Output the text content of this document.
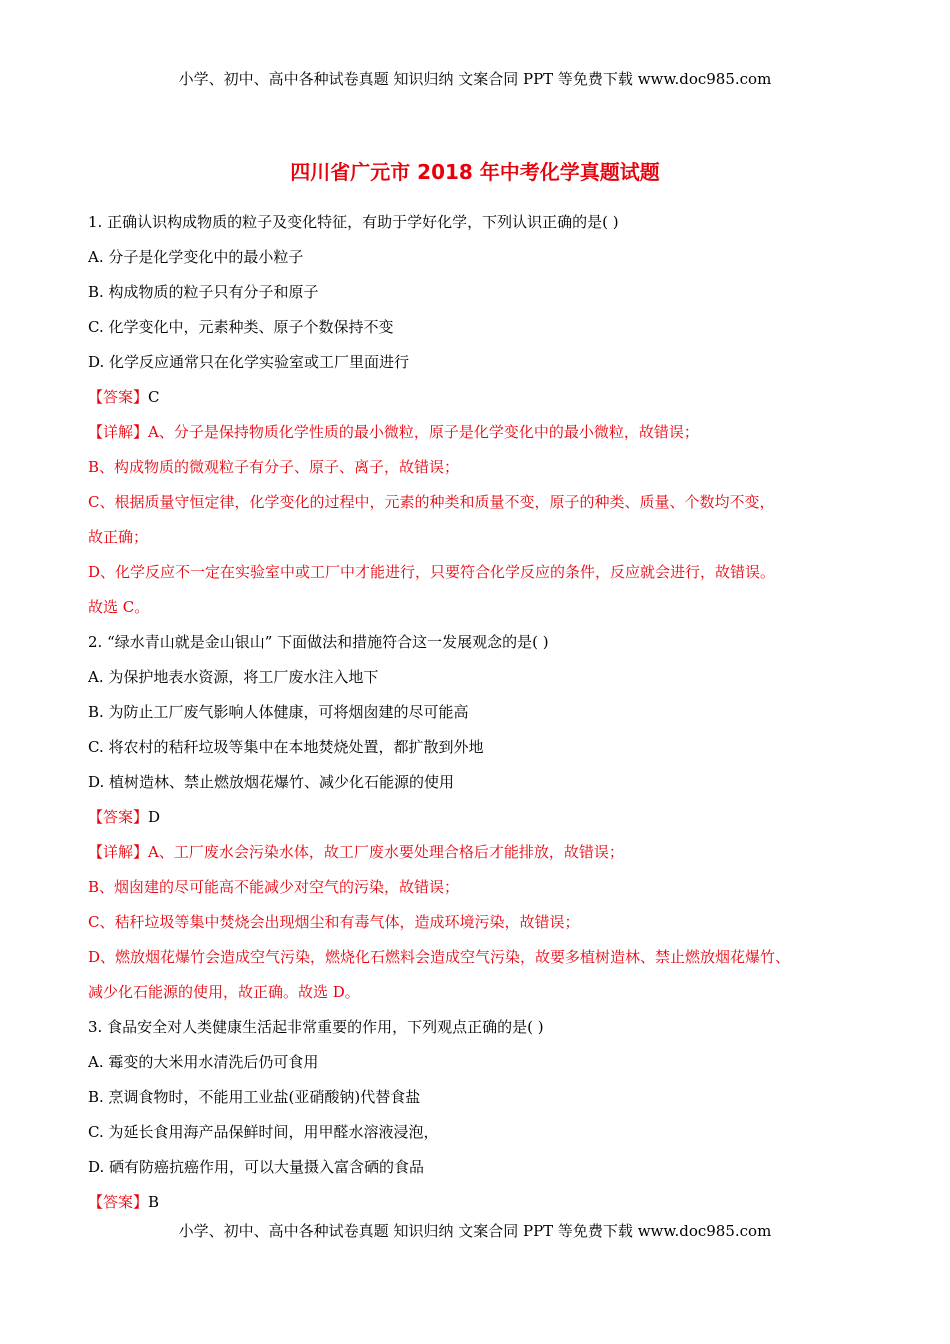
小学、初中、高中各种试卷真题 知识归纳 文案合同 PPT 等免费下载 www.doc985.com
四川省广元市 2018 年中考化学真题试题
1. 正确认识构成物质的粒子及变化特征，有助于学好化学，下列认识正确的是( )
A. 分子是化学变化中的最小粒子
B. 构成物质的粒子只有分子和原子
C. 化学变化中，元素种类、原子个数保持不变
D. 化学反应通常只在化学实验室或工厂里面进行
【答案】C
【详解】A、分子是保持物质化学性质的最小微粒，原子是化学变化中的最小微粒，故错误；
B、构成物质的微观粒子有分子、原子、离子，故错误；
C、根据质量守恒定律，化学变化的过程中，元素的种类和质量不变，原子的种类、质量、个数均不变，
故正确；
D、化学反应不一定在实验室中或工厂中才能进行，只要符合化学反应的条件，反应就会进行，故错误。
故选 C。
2. “绿水青山就是金山银山” 下面做法和措施符合这一发展观念的是( )
A. 为保护地表水资源，将工厂废水注入地下
B. 为防止工厂废气影响人体健康，可将烟囱建的尽可能高
C. 将农村的秸秆垃圾等集中在本地焚烧处置，都扩散到外地
D. 植树造林、禁止燃放烟花爆竹、减少化石能源的使用
【答案】D
【详解】A、工厂废水会污染水体，故工厂废水要处理合格后才能排放，故错误；
B、烟囱建的尽可能高不能减少对空气的污染，故错误；
C、秸秆垃圾等集中焚烧会出现烟尘和有毒气体，造成环境污染，故错误；
D、燃放烟花爆竹会造成空气污染，燃烧化石燃料会造成空气污染，故要多植树造林、禁止燃放烟花爆竹、
减少化石能源的使用，故正确。故选 D。
3. 食品安全对人类健康生活起非常重要的作用，下列观点正确的是( )
A. 霉变的大米用水清洗后仍可食用
B. 烹调食物时，不能用工业盐(亚硝酸钠)代替食盐
C. 为延长食用海产品保鲜时间，用甲醛水溶液浸泡，
D. 硒有防癌抗癌作用，可以大量摄入富含硒的食品
【答案】B
小学、初中、高中各种试卷真题 知识归纳 文案合同 PPT 等免费下载 www.doc985.com
